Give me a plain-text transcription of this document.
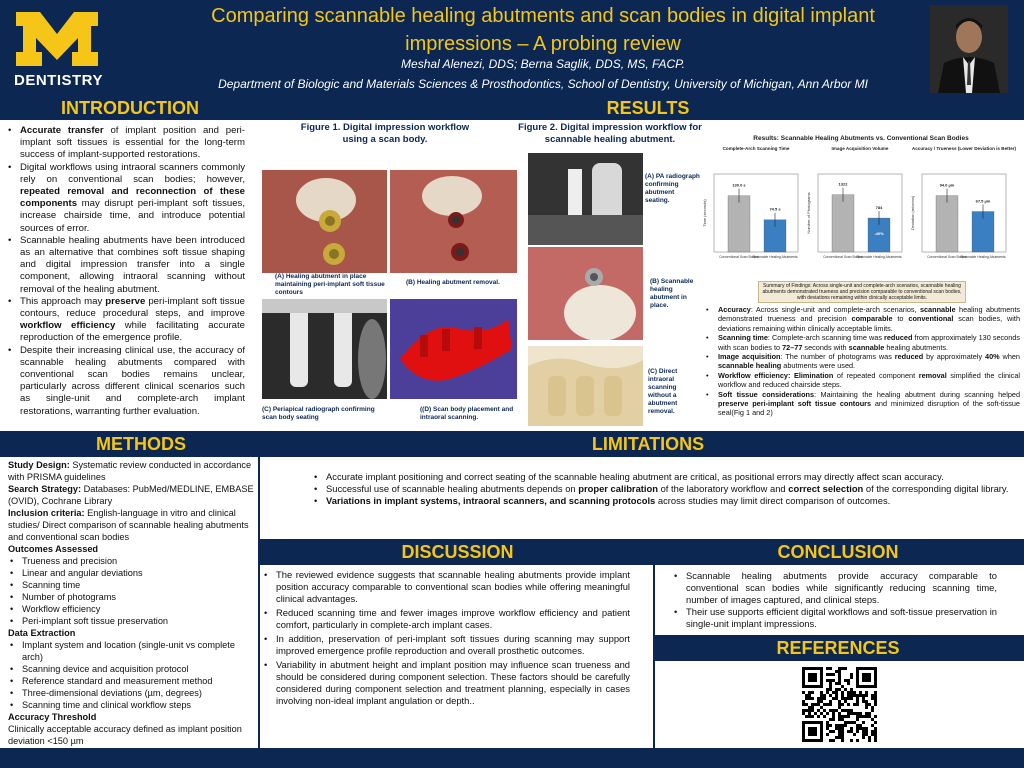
DENTISTRY
Comparing scannable healing abutments and scan bodies in digital implant impressions – A probing review
Meshal Alenezi, DDS; Berna Saglik, DDS, MS, FACP.
Department of Biologic and Materials Sciences & Prosthodontics, School of Dentistry, University of Michigan, Ann Arbor MI
INTRODUCTION	RESULTS
• Accurate transfer of implant position and peri-implant soft tissues is essential for the long-term success of implant-supported restorations.
• Digital workflows using intraoral scanners commonly rely on conventional scan bodies; however, repeated removal and reconnection of these components may disrupt peri-implant soft tissues, increase chairside time, and introduce potential sources of error.
• Scannable healing abutments have been introduced as an alternative that combines soft tissue shaping and digital impression transfer into a single component, allowing intraoral scanning without removal of the healing abutment.
• This approach may preserve peri-implant soft tissue contours, reduce procedural steps, and improve workflow efficiency while facilitating accurate reproduction of the emergence profile.
• Despite their increasing clinical use, the accuracy of scannable healing abutments compared with conventional scan bodies remains unclear, particularly across different clinical scenarios such as single-unit and complete-arch implant restorations, warranting further evaluation.
Figure 1. Digital impression workflow using a scan body.
(A) Healing abutment in place maintaining peri-implant soft tissue contours
(B) Healing abutment removal.
(C) Periapical radiograph confirming scan body seating
((D) Scan body placement and intraoral scanning.
Figure 2. Digital impression workflow for scannable healing abutment.
(A) PA radiograph confirming abutment seating.
(B) Scannable healing abutment in place.
(C) Direct intraoral scanning without a abutment removal.
Results: Scannable Healing Abutments vs. Conventional Scan Bodies
Complete-Arch Scanning Time
Time (seconds)
130.0 s
Conventional Scan Bodies
74.5 s
Scannable Healing Abutments
Image Acquisition Volume
Number of Photograms
1322
Conventional Scan Bodies
784
Scannable Healing Abutments
-40%
Accuracy / Trueness (Lower Deviation is Better)
Deviation (microns)
94.0 µm
Conventional Scan Bodies
67.5 µm
Scannable Healing Abutments
Summary of Findings: Across single-unit and complete-arch scenarios, scannable healing abutments demonstrated trueness and precision comparable to conventional scan bodies, with deviations remaining within clinically acceptable limits.
• Accuracy: Across single-unit and complete-arch scenarios, scannable healing abutments demonstrated trueness and precision comparable to conventional scan bodies, with deviations remaining within clinically acceptable limits.
• Scanning time: Complete-arch scanning time was reduced from approximately 130 seconds with scan bodies to 72–77 seconds with scannable healing abutments.
• Image acquisition: The number of photograms was reduced by approximately 40% when scannable healing abutments were used.
• Workflow efficiency: Elimination of repeated component removal simplified the clinical workflow and reduced chairside steps.
• Soft tissue considerations: Maintaining the healing abutment during scanning helped preserve peri-implant soft tissue contours and minimized disruption of the soft-tissue seal(Fig 1 and 2)
METHODS	LIMITATIONS
Study Design: Systematic review conducted in accordance with PRISMA guidelines
Search Strategy: Databases: PubMed/MEDLINE, EMBASE (OVID), Cochrane Library
Inclusion criteria: English-language in vitro and clinical studies/ Direct comparison of scannable healing abutments and conventional scan bodies
Outcomes Assessed
• Trueness and precision
• Linear and angular deviations
• Scanning time
• Number of photograms
• Workflow efficiency
• Peri-implant soft tissue preservation
Data Extraction
• Implant system and location (single-unit vs complete arch)
• Scanning device and acquisition protocol
• Reference standard and measurement method
• Three-dimensional deviations (µm, degrees)
• Scanning time and clinical workflow steps
Accuracy Threshold
Clinically acceptable accuracy defined as implant position deviation <150 µm
• Accurate implant positioning and correct seating of the scannable healing abutment are critical, as positional errors may directly affect scan accuracy.
• Successful use of scannable healing abutments depends on proper calibration of the laboratory workflow and correct selection of the corresponding digital library.
• Variations in implant systems, intraoral scanners, and scanning protocols across studies may limit direct comparison of outcomes.
DISCUSSION	CONCLUSION
• The reviewed evidence suggests that scannable healing abutments provide implant position accuracy comparable to conventional scan bodies while offering meaningful clinical advantages.
• Reduced scanning time and fewer images improve workflow efficiency and patient comfort, particularly in complete-arch implant cases.
• In addition, preservation of peri-implant soft tissues during scanning may support improved emergence profile reproduction and overall prosthetic outcomes.
• Variability in abutment height and implant position may influence scan trueness and should be considered during component selection. These factors should be carefully considered during component selection and treatment planning, especially in cases involving non-ideal implant angulation or depth..
• Scannable healing abutments provide accuracy comparable to conventional scan bodies while significantly reducing scanning time, number of images captured, and clinical steps.
• Their use supports efficient digital workflows and soft-tissue preservation in single-unit implant impressions.
REFERENCES
